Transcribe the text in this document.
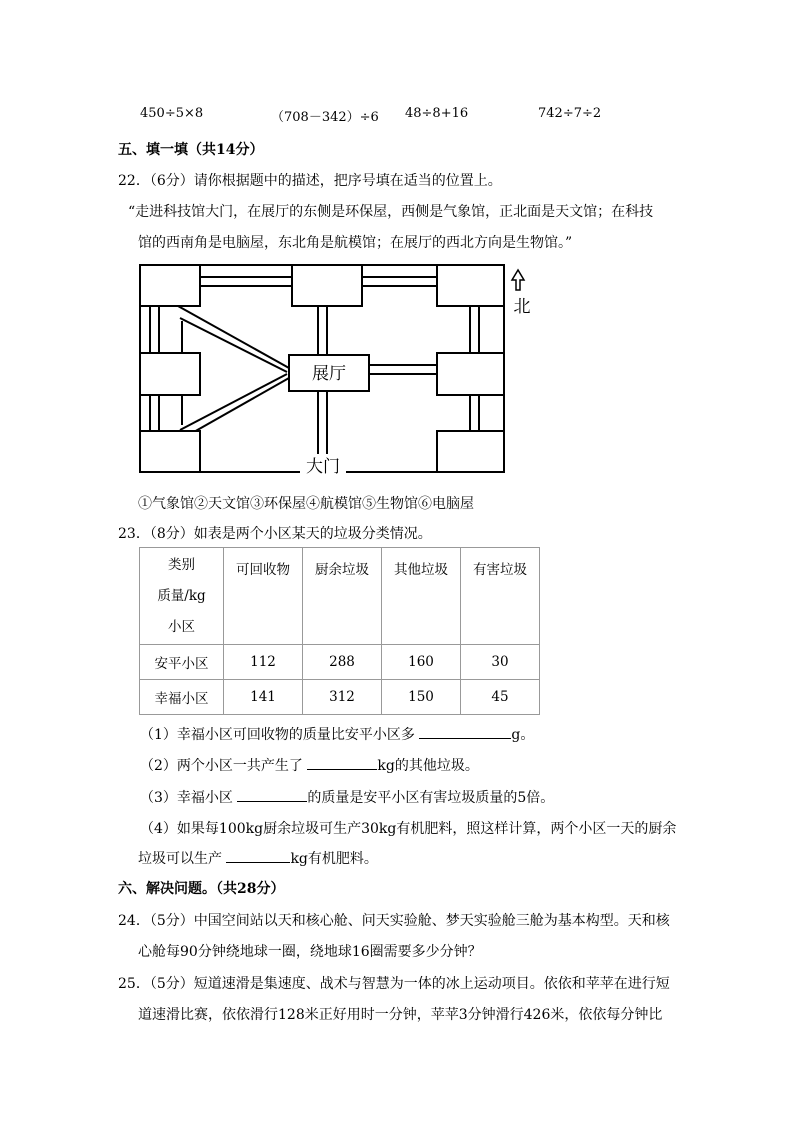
450÷5×8	（708－342）÷6 48÷8+16	742÷7÷2
五、填一填（共14分）
22．（6分）请你根据题中的描述，把序号填在适当的位置上。
“走进科技馆大门，在展厅的东侧是环保屋，西侧是气象馆，正北面是天文馆；在科技
馆的西南角是电脑屋，东北角是航模馆；在展厅的西北方向是生物馆。”
展厅
大门
北
①气象馆②天文馆③环保屋④航模馆⑤生物馆⑥电脑屋
23．（8分）如表是两个小区某天的垃圾分类情况。
类别
质量/kg
小区	可回收物	厨余垃圾	其他垃圾	有害垃圾
安平小区	112	288	160	30
幸福小区	141	312	150	45
（1）幸福小区可回收物的质量比安平小区多	g。
（2）两个小区一共产生了	kg的其他垃圾。
（3）幸福小区	的质量是安平小区有害垃圾质量的5倍。
（4）如果每100kg厨余垃圾可生产30kg有机肥料，照这样计算，两个小区一天的厨余
垃圾可以生产	kg有机肥料。
六、解决问题。（共28分）
24．（5分）中国空间站以天和核心舱、问天实验舱、梦天实验舱三舱为基本构型。天和核
心舱每90分钟绕地球一圈，绕地球16圈需要多少分钟？
25．（5分）短道速滑是集速度、战术与智慧为一体的冰上运动项目。依依和苹苹在进行短
道速滑比赛，依依滑行128米正好用时一分钟，苹苹3分钟滑行426米，依依每分钟比
